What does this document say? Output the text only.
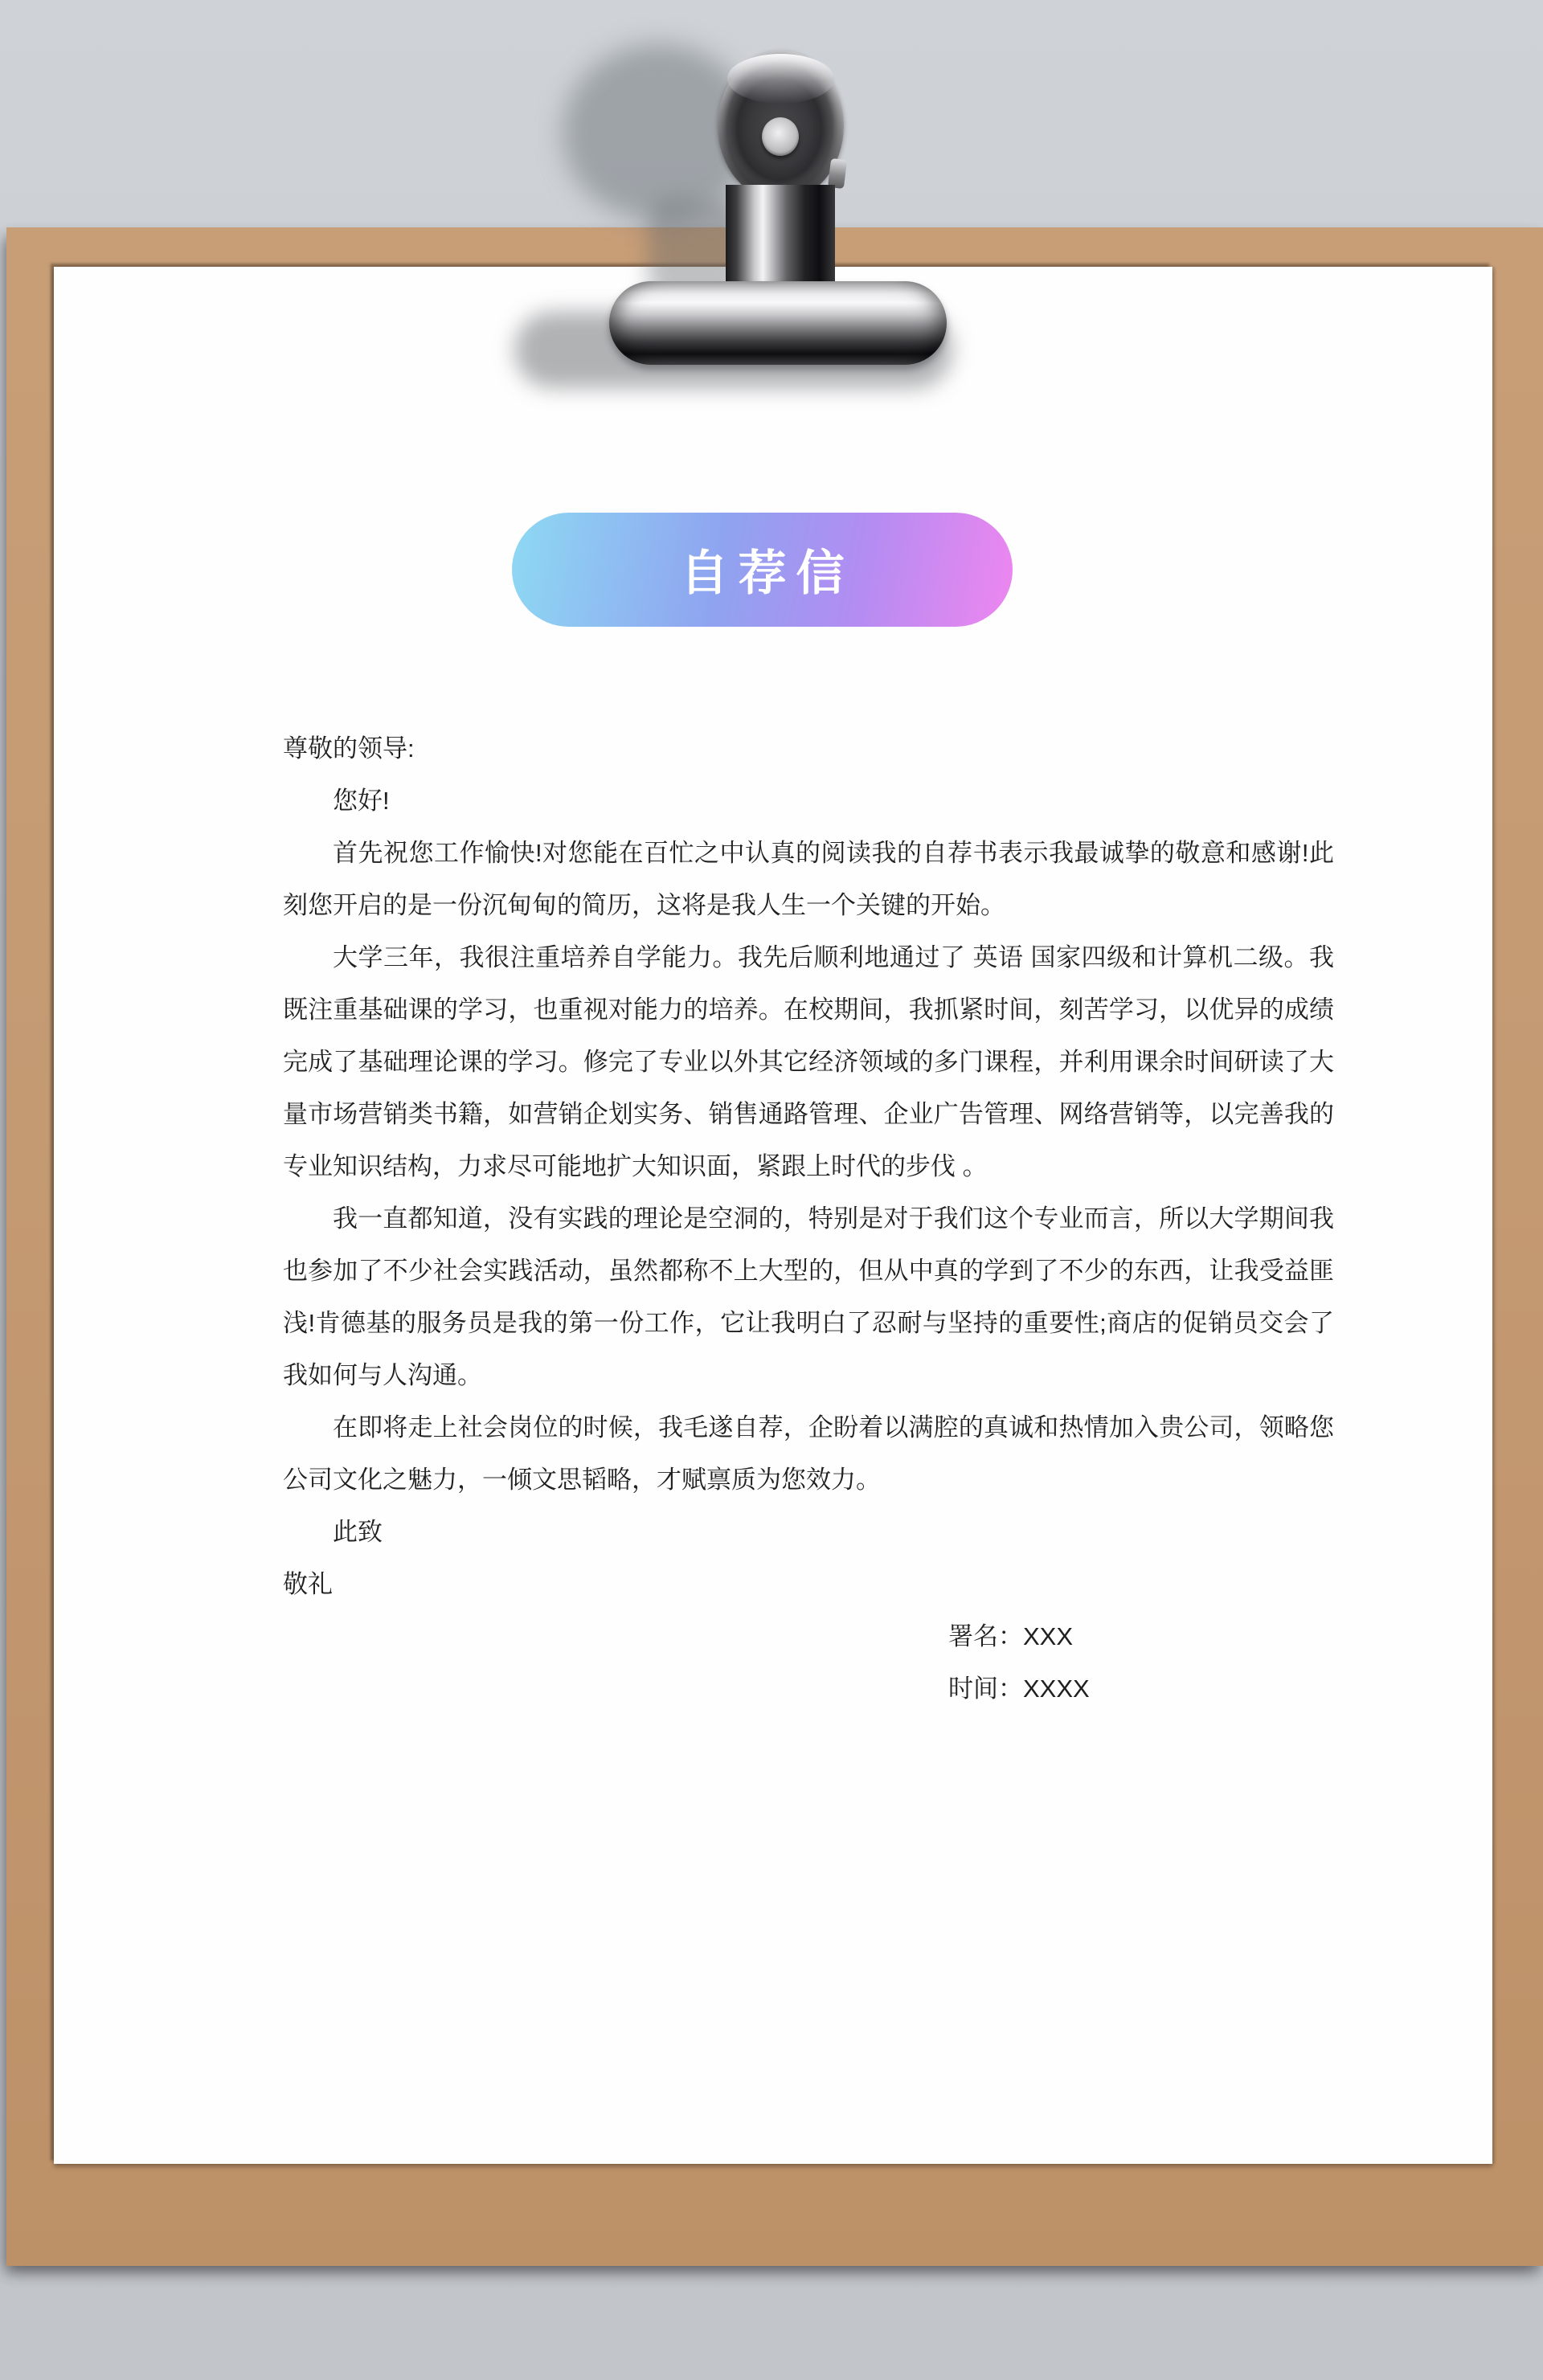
自荐信

尊敬的领导:

您好!

首先祝您工作愉快!对您能在百忙之中认真的阅读我的自荐书表示我最诚挚的敬意和感谢!此刻您开启的是一份沉甸甸的简历，这将是我人生一个关键的开始。

大学三年，我很注重培养自学能力。我先后顺利地通过了 英语 国家四级和计算机二级。我既注重基础课的学习，也重视对能力的培养。在校期间，我抓紧时间，刻苦学习，以优异的成绩完成了基础理论课的学习。修完了专业以外其它经济领域的多门课程，并利用课余时间研读了大量市场营销类书籍，如营销企划实务、销售通路管理、企业广告管理、网络营销等，以完善我的专业知识结构，力求尽可能地扩大知识面，紧跟上时代的步伐 。

我一直都知道，没有实践的理论是空洞的，特别是对于我们这个专业而言，所以大学期间我也参加了不少社会实践活动，虽然都称不上大型的，但从中真的学到了不少的东西，让我受益匪浅!肯德基的服务员是我的第一份工作，它让我明白了忍耐与坚持的重要性;商店的促销员交会了我如何与人沟通。

在即将走上社会岗位的时候，我毛遂自荐，企盼着以满腔的真诚和热情加入贵公司，领略您公司文化之魅力，一倾文思韬略，才赋禀质为您效力。

此致

敬礼

署名：XXX

时间：XXXX
